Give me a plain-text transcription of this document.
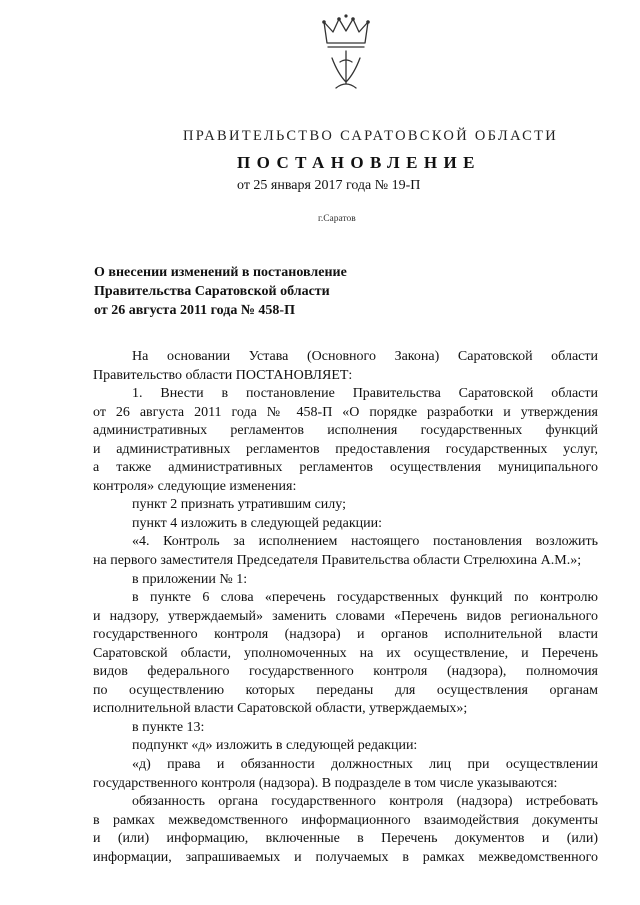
ПРАВИТЕЛЬСТВО САРАТОВСКОЙ ОБЛАСТИ
ПОСТАНОВЛЕНИЕ
от 25 января 2017 года № 19-П
г.Саратов
О внесении изменений в постановление
Правительства Саратовской области
от 26 августа 2011 года № 458-П

На основании Устава (Основного Закона) Саратовской области

Правительство области ПОСТАНОВЛЯЕТ:

1. Внести в постановление Правительства Саратовской области

от 26 августа 2011 года № 458-П «О порядке разработки и утверждения

административных регламентов исполнения государственных функций

и административных регламентов предоставления государственных услуг,

а также административных регламентов осуществления муниципального

контроля» следующие изменения:

пункт 2 признать утратившим силу;

пункт 4 изложить в следующей редакции:

«4. Контроль за исполнением настоящего постановления возложить

на первого заместителя Председателя Правительства области Стрелюхина А.М.»;

в приложении № 1:

в пункте 6 слова «перечень государственных функций по контролю

и надзору, утверждаемый» заменить словами «Перечень видов регионального

государственного контроля (надзора) и органов исполнительной власти

Саратовской области, уполномоченных на их осуществление, и Перечень

видов федерального государственного контроля (надзора), полномочия

по осуществлению которых переданы для осуществления органам

исполнительной власти Саратовской области, утверждаемых»;

в пункте 13:

подпункт «д» изложить в следующей редакции:

«д) права и обязанности должностных лиц при осуществлении

государственного контроля (надзора). В подразделе в том числе указываются:

обязанность органа государственного контроля (надзора) истребовать

в рамках межведомственного информационного взаимодействия документы

и (или) информацию, включенные в Перечень документов и (или)

информации, запрашиваемых и получаемых в рамках межведомственного
